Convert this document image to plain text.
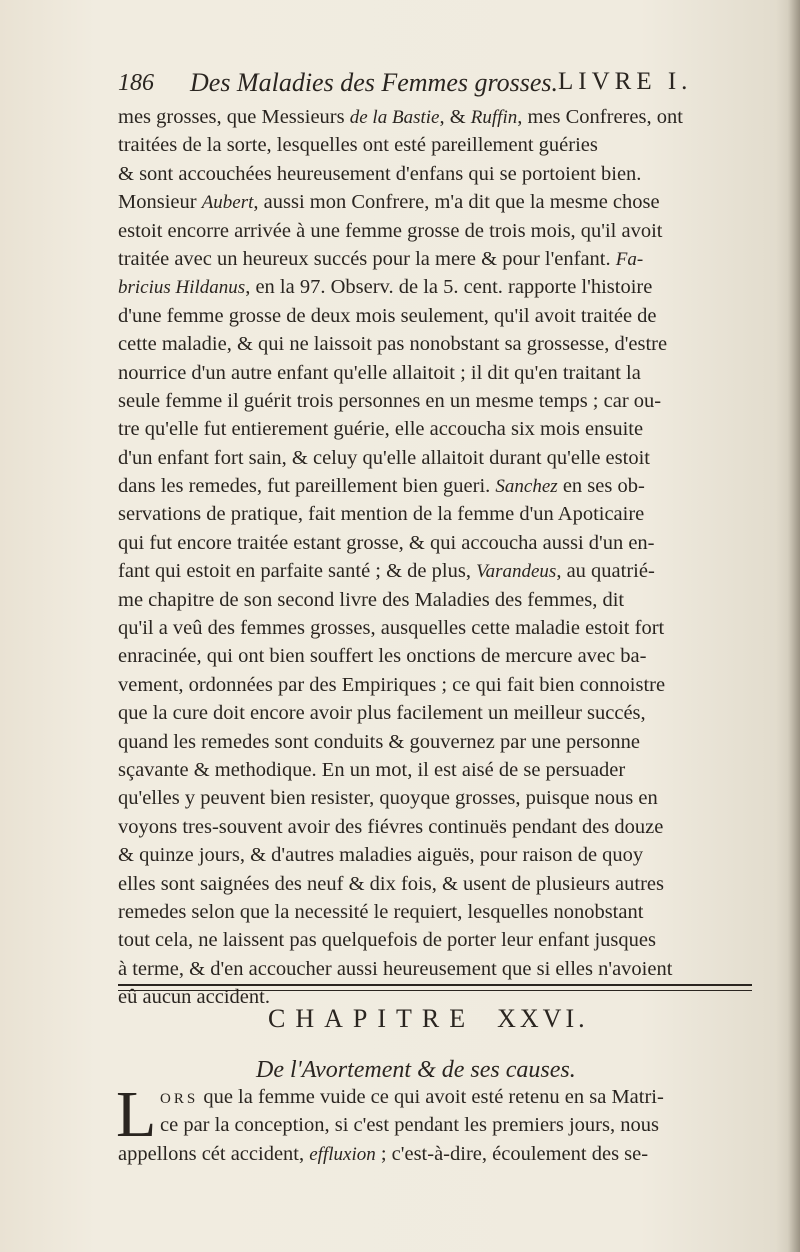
186 Des Maladies des Femmes grosses. LIVRE I.
mes grosses, que Messieurs de la Bastie, & Ruffin, mes Confreres, ont
traitées de la sorte, lesquelles ont esté pareillement guéries
& sont accouchées heureusement d'enfans qui se portoient bien.
Monsieur Aubert, aussi mon Confrere, m'a dit que la mesme chose
estoit encorre arrivée à une femme grosse de trois mois, qu'il avoit
traitée avec un heureux succés pour la mere & pour l'enfant. Fa-
bricius Hildanus, en la 97. Observ. de la 5. cent. rapporte l'histoire
d'une femme grosse de deux mois seulement, qu'il avoit traitée de
cette maladie, & qui ne laissoit pas nonobstant sa grossesse, d'estre
nourrice d'un autre enfant qu'elle allaitoit ; il dit qu'en traitant la
seule femme il guérit trois personnes en un mesme temps ; car ou-
tre qu'elle fut entierement guérie, elle accoucha six mois ensuite
d'un enfant fort sain, & celuy qu'elle allaitoit durant qu'elle estoit
dans les remedes, fut pareillement bien gueri. Sanchez en ses ob-
servations de pratique, fait mention de la femme d'un Apoticaire
qui fut encore traitée estant grosse, & qui accoucha aussi d'un en-
fant qui estoit en parfaite santé ; & de plus, Varandeus, au quatrié-
me chapitre de son second livre des Maladies des femmes, dit
qu'il a veû des femmes grosses, ausquelles cette maladie estoit fort
enracinée, qui ont bien souffert les onctions de mercure avec ba-
vement, ordonnées par des Empiriques ; ce qui fait bien connoistre
que la cure doit encore avoir plus facilement un meilleur succés,
quand les remedes sont conduits & gouvernez par une personne
sçavante & methodique. En un mot, il est aisé de se persuader
qu'elles y peuvent bien resister, quoyque grosses, puisque nous en
voyons tres-souvent avoir des fiévres continuës pendant des douze
& quinze jours, & d'autres maladies aiguës, pour raison de quoy
elles sont saignées des neuf & dix fois, & usent de plusieurs autres
remedes selon que la necessité le requiert, lesquelles nonobstant
tout cela, ne laissent pas quelquefois de porter leur enfant jusques
à terme, & d'en accoucher aussi heureusement que si elles n'avoient
eû aucun accident.
CHAPITRE XXVI.
De l'Avortement & de ses causes.
L ORS que la femme vuide ce qui avoit esté retenu en sa Matri-
ce par la conception, si c'est pendant les premiers jours, nous
appellons cét accident, effluxion ; c'est-à-dire, écoulement des se-
